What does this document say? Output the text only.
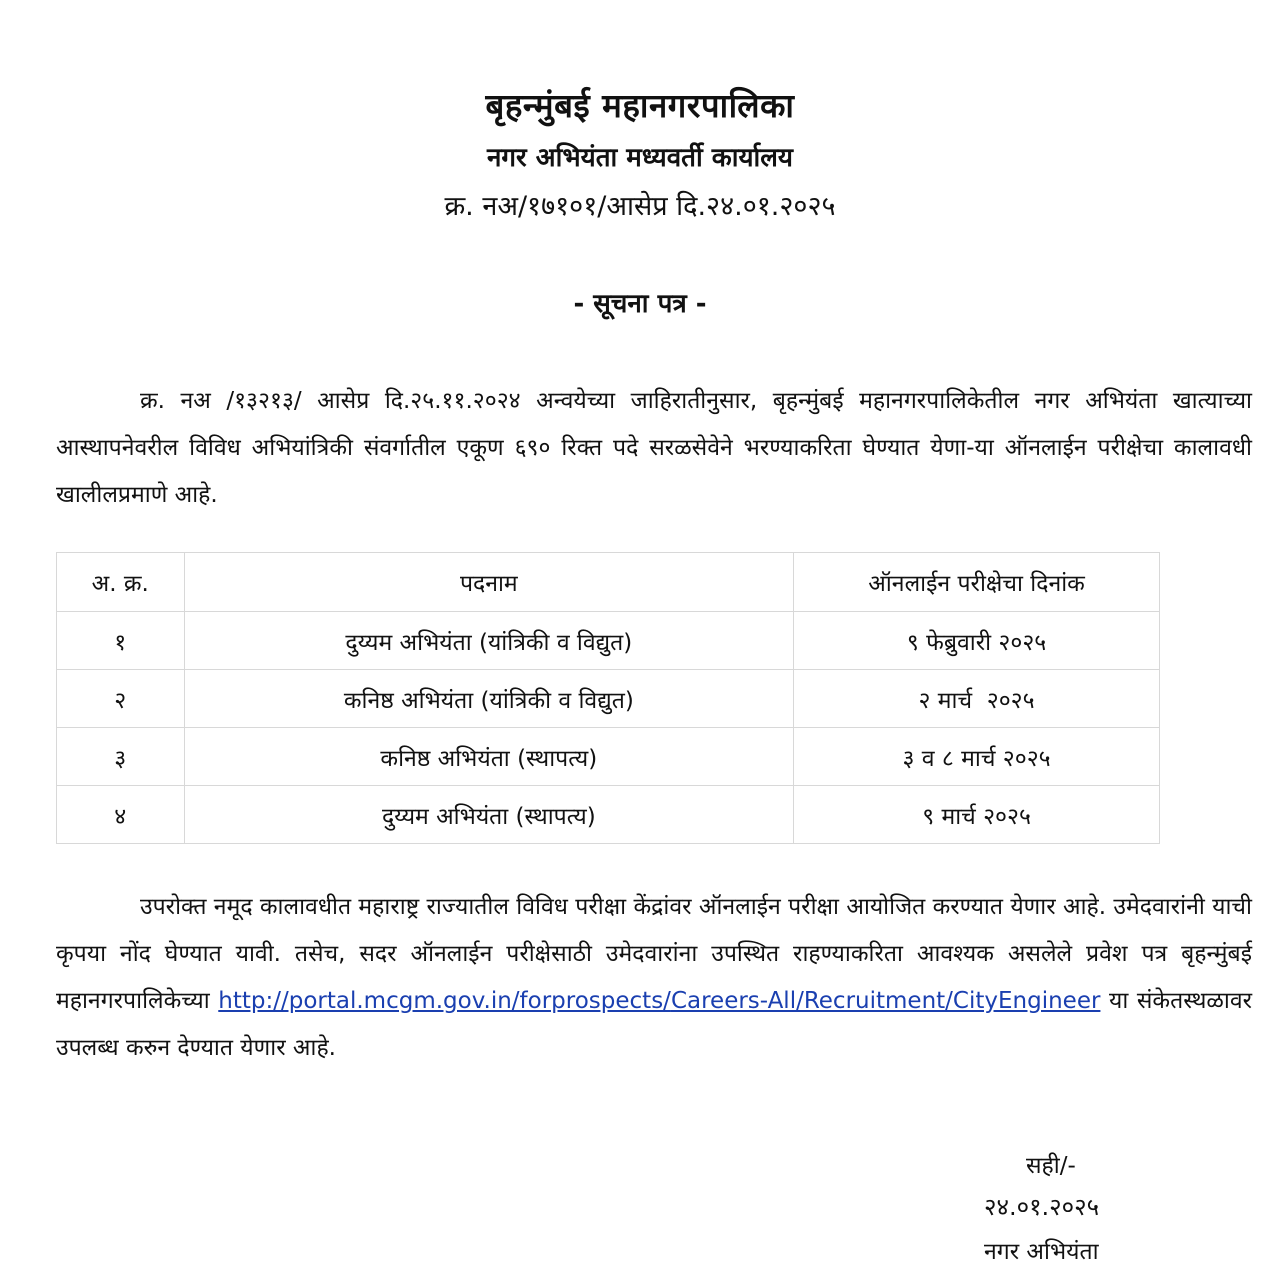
बृहन्मुंबई महानगरपालिका
नगर अभियंता मध्यवर्ती कार्यालय
क्र. नअ/१७१०१/आसेप्र दि.२४.०१.२०२५
- सूचना पत्र -

क्र. नअ /१३२१३/ आसेप्र दि.२५.११.२०२४ अन्वयेच्या जाहिरातीनुसार, बृहन्मुंबई महानगरपालिकेतील नगर अभियंता खात्याच्या आस्थापनेवरील विविध अभियांत्रिकी संवर्गातील एकूण ६९० रिक्त पदे सरळसेवेने भरण्याकरिता घेण्यात येणा-या ऑनलाईन परीक्षेचा कालावधी खालीलप्रमाणे आहे.

अ. क्र.	पदनाम	ऑनलाईन परीक्षेचा दिनांक
१	दुय्यम अभियंता (यांत्रिकी व विद्युत)	९ फेब्रुवारी २०२५
२	कनिष्ठ अभियंता (यांत्रिकी व विद्युत)	२ मार्च  २०२५
३	कनिष्ठ अभियंता (स्थापत्य)	३ व ८ मार्च २०२५
४	दुय्यम अभियंता (स्थापत्य)	९ मार्च २०२५

उपरोक्त नमूद कालावधीत महाराष्ट्र राज्यातील विविध परीक्षा केंद्रांवर ऑनलाईन परीक्षा आयोजित करण्यात येणार आहे. उमेदवारांनी याची कृपया नोंद घेण्यात यावी. तसेच, सदर ऑनलाईन परीक्षेसाठी उमेदवारांना उपस्थित राहण्याकरिता आवश्यक असलेले प्रवेश पत्र बृहन्मुंबई महानगरपालिकेच्या http://portal.mcgm.gov.in/forprospects/Careers-All/Recruitment/CityEngineer या संकेतस्थळावर उपलब्ध करुन देण्यात येणार आहे.

सही/-
२४.०१.२०२५
नगर अभियंता
